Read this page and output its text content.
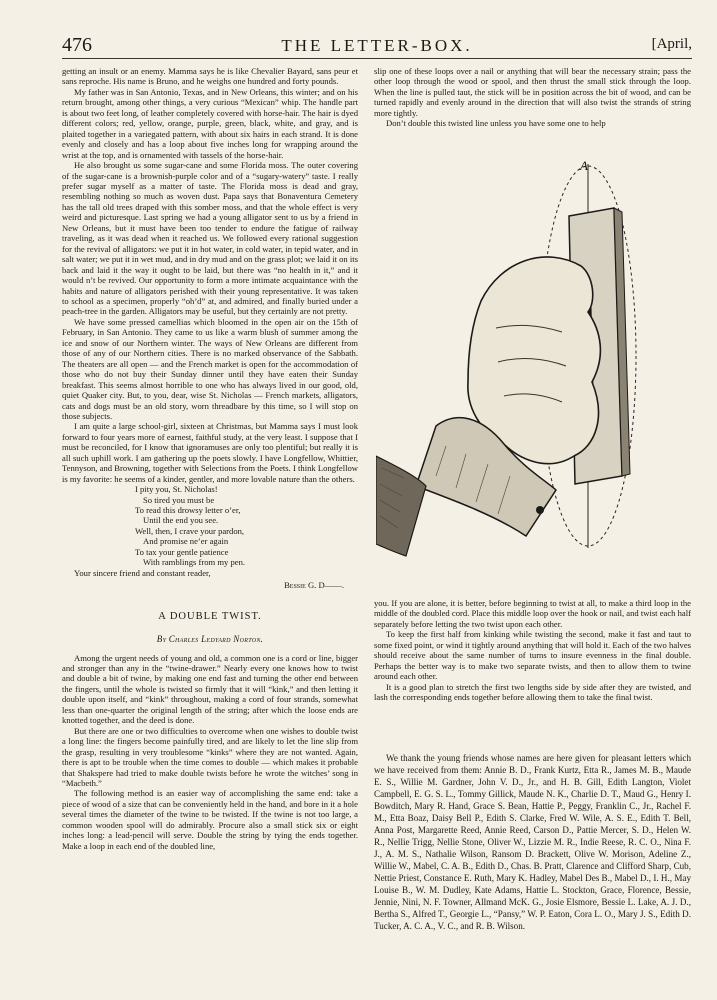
476	THE LETTER-BOX.	[April,

getting an insult or an enemy. Mamma says he is like Chevalier Bayard, sans peur et sans reproche. His name is Bruno, and he weighs one hundred and forty pounds.

My father was in San Antonio, Texas, and in New Orleans, this winter; and on his return brought, among other things, a very curious “Mexican” whip. The handle part is about two feet long, of leather completely covered with horse-hair. The hair is dyed different colors; red, yellow, orange, purple, green, black, white, and gray, and is plaited together in a variegated pattern, with about six hairs in each strand. It is done evenly and closely and has a loop about five inches long for wrapping around the wrist at the top, and is ornamented with tassels of the horse-hair.

He also brought us some sugar-cane and some Florida moss. The outer covering of the sugar-cane is a brownish-purple color and of a “sugary-watery” taste. I really prefer sugar myself as a matter of taste. The Florida moss is dead and gray, resembling nothing so much as woven dust. Papa says that Bonaventura Cemetery has the tall old trees draped with this somber moss, and that the whole effect is very weird and picturesque. Last spring we had a young alligator sent to us by a friend in New Orleans, but it must have been too tender to endure the fatigue of railway traveling, as it was dead when it reached us. We followed every rational suggestion for the revival of alligators: we put it in hot water, in cold water, in tepid water, and in salt water; we put it in wet mud, and in dry mud and on the grass plot; we laid it on its back and laid it the way it ought to be laid, but there was “no health in it,” and it would n’t be revived. Our opportunity to form a more intimate acquaintance with the habits and nature of alligators perished with their young representative. It was taken to school as a specimen, properly “oh’d” at, and admired, and finally buried under a peach-tree in the garden. Alligators may be useful, but they certainly are not pretty.

We have some pressed camellias which bloomed in the open air on the 15th of February, in San Antonio. They came to us like a warm blush of summer among the ice and snow of our Northern winter. The ways of New Orleans are different from those of any of our Northern cities. There is no marked observance of the Sabbath. The theaters are all open — and the French market is open for the accommodation of those who do not buy their Sunday dinner until they have eaten their Sunday breakfast. This seems almost horrible to one who has always lived in our good, old, quiet Quaker city. But, to you, dear, wise St. Nicholas — French markets, alligators, cats and dogs must be an old story, worn threadbare by this time, so I will stop on those subjects.

I am quite a large school-girl, sixteen at Christmas, but Mamma says I must look forward to four years more of earnest, faithful study, at the very least. I suppose that I must be reconciled, for I know that ignoramuses are only too plentiful; but really it is all such uphill work. I am gathering up the poets slowly. I have Longfellow, Whittier, Tennyson, and Browning, together with Selections from the Poets. I think Longfellow is my favorite: he seems of a kinder, gentler, and more lovable nature than the others.

I pity you, St. Nicholas!
So tired you must be
To read this drowsy letter o’er,
Until the end you see.
Well, then, I crave your pardon,
And promise ne’er again
To tax your gentle patience
With ramblings from my pen.

Your sincere friend and constant reader,

Bessie G. D——.
A DOUBLE TWIST.
By Charles Ledyard Norton.

Among the urgent needs of young and old, a common one is a cord or line, bigger and stronger than any in the “twine-drawer.” Nearly every one knows how to twist and double a bit of twine, by making one end fast and turning the other end between the fingers, until the whole is twisted so firmly that it will “kink,” and then letting it double upon itself, and “kink” throughout, making a cord of four strands, somewhat less than one-quarter the original length of the string; after which the loose ends are knotted together, and the deed is done.

But there are one or two difficulties to overcome when one wishes to double twist a long line: the fingers become painfully tired, and are likely to let the line slip from the grasp, resulting in very troublesome “kinks” where they are not wanted. Again, there is apt to be trouble when the time comes to double — which makes it probable that Shakspere had tried to make double twists before he wrote the witches’ song in “Macbeth.”

The following method is an easier way of accomplishing the same end: take a piece of wood of a size that can be conveniently held in the hand, and bore in it a hole several times the diameter of the twine to be twisted. If the twine is not too large, a common wooden spool will do admirably. Procure also a small stick six or eight inches long: a lead-pencil will serve. Double the string by tying the ends together. Make a loop in each end of the doubled line,

slip one of these loops over a nail or anything that will bear the necessary strain; pass the other loop through the wood or spool, and then thrust the small stick through the loop. When the line is pulled taut, the stick will be in position across the bit of wood, and can be turned rapidly and evenly around in the direction that will also twist the strands of string more tightly.

Don’t double this twisted line unless you have some one to help

A

you. If you are alone, it is better, before beginning to twist at all, to make a third loop in the middle of the doubled cord. Place this middle loop over the hook or nail, and twist each half separately before letting the two twist upon each other.

To keep the first half from kinking while twisting the second, make it fast and taut to some fixed point, or wind it tightly around anything that will hold it. Each of the two halves should receive about the same number of turns to insure evenness in the final double. Perhaps the better way is to make two separate twists, and then to allow them to twine around each other.

It is a good plan to stretch the first two lengths side by side after they are twisted, and lash the corresponding ends together before allowing them to take the final twist.

We thank the young friends whose names are here given for pleasant letters which we have received from them: Annie B. D., Frank Kurtz, Etta R., James M. B., Maude E. S., Willie M. Gardner, John V. D., Jr., and H. B. Gill, Edith Langton, Violet Campbell, E. G. S. L., Tommy Gillick, Maude N. K., Charlie D. T., Maud G., Henry I. Bowditch, Mary R. Hand, Grace S. Bean, Hattie P., Peggy, Franklin C., Jr., Rachel F. M., Etta Boaz, Daisy Bell P., Edith S. Clarke, Fred W. Wile, A. S. E., Edith T. Bell, Anna Post, Margarette Reed, Annie Reed, Carson D., Pattie Mercer, S. D., Helen W. R., Nellie Trigg, Nellie Stone, Oliver W., Lizzie M. R., Indie Reese, R. C. O., Nina F. J., A. M. S., Nathalie Wilson, Ransom D. Brackett, Olive W. Morison, Adeline Z., Willie W., Mabel, C. A. B., Edith D., Chas. B. Pratt, Clarence and Clifford Sharp, Cub, Nettie Priest, Constance E. Ruth, Mary K. Hadley, Mabel Des B., Mabel D., I. H., May Louise B., W. M. Dudley, Kate Adams, Hattie L. Stockton, Grace, Florence, Bessie, Jennie, Nini, N. F. Towner, Allmand McK. G., Josie Elsmore, Bessie L. Lake, A. J. D., Bertha S., Alfred T., Georgie L., “Pansy,” W. P. Eaton, Cora L. O., Mary J. S., Edith D. Tucker, A. C. A., V. C., and R. B. Wilson.
